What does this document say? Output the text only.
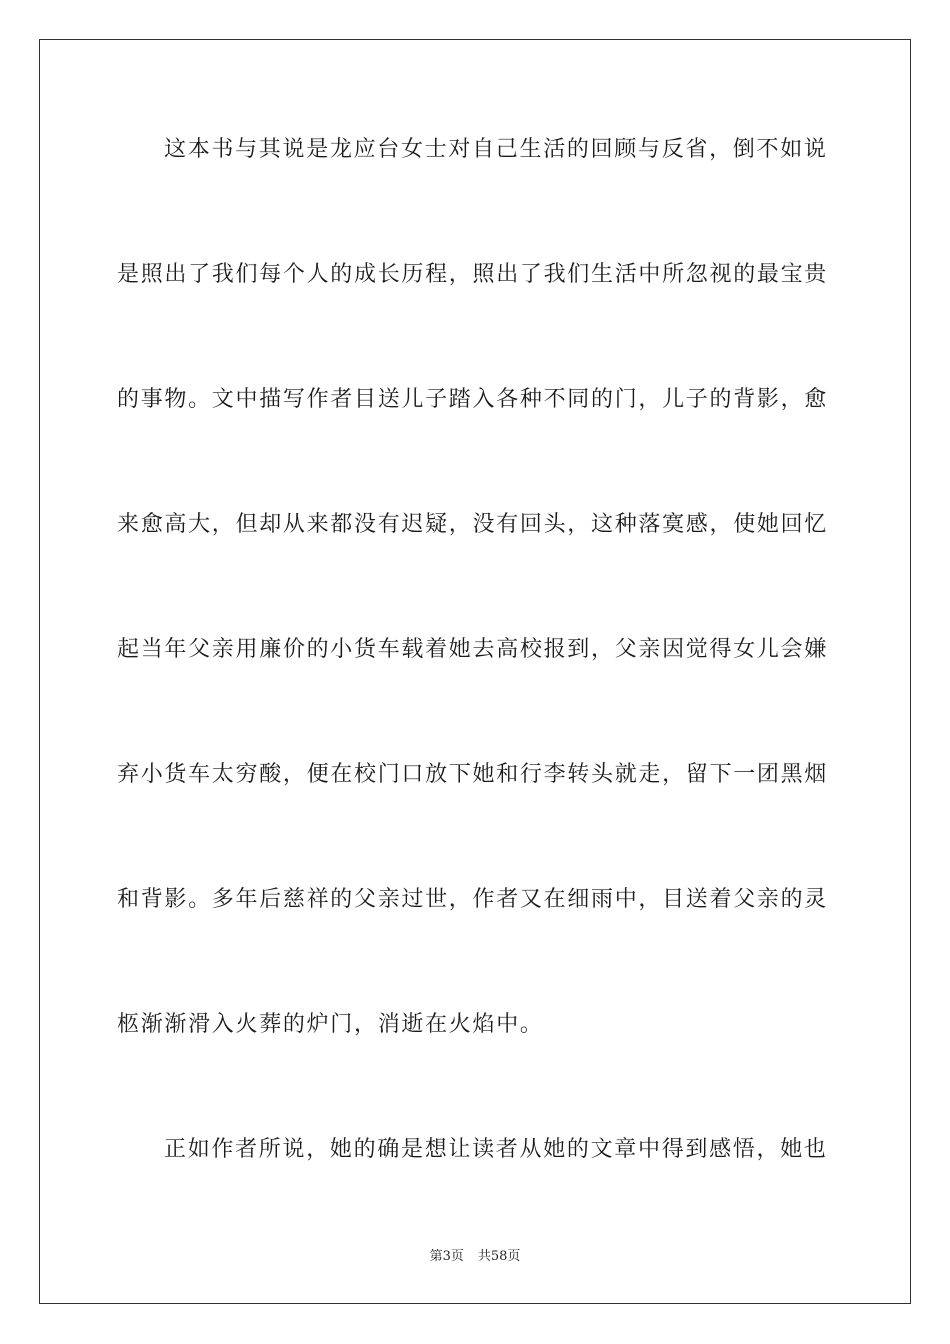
这本书与其说是龙应台女士对自己生活的回顾与反省，倒不如说
是照出了我们每个人的成长历程，照出了我们生活中所忽视的最宝贵
的事物。文中描写作者目送儿子踏入各种不同的门，儿子的背影，愈
来愈高大，但却从来都没有迟疑，没有回头，这种落寞感，使她回忆
起当年父亲用廉价的小货车载着她去高校报到，父亲因觉得女儿会嫌
弃小货车太穷酸，便在校门口放下她和行李转头就走，留下一团黑烟
和背影。多年后慈祥的父亲过世，作者又在细雨中，目送着父亲的灵
柩渐渐滑入火葬的炉门，消逝在火焰中。
正如作者所说，她的确是想让读者从她的文章中得到感悟，她也
第3页 共58页
